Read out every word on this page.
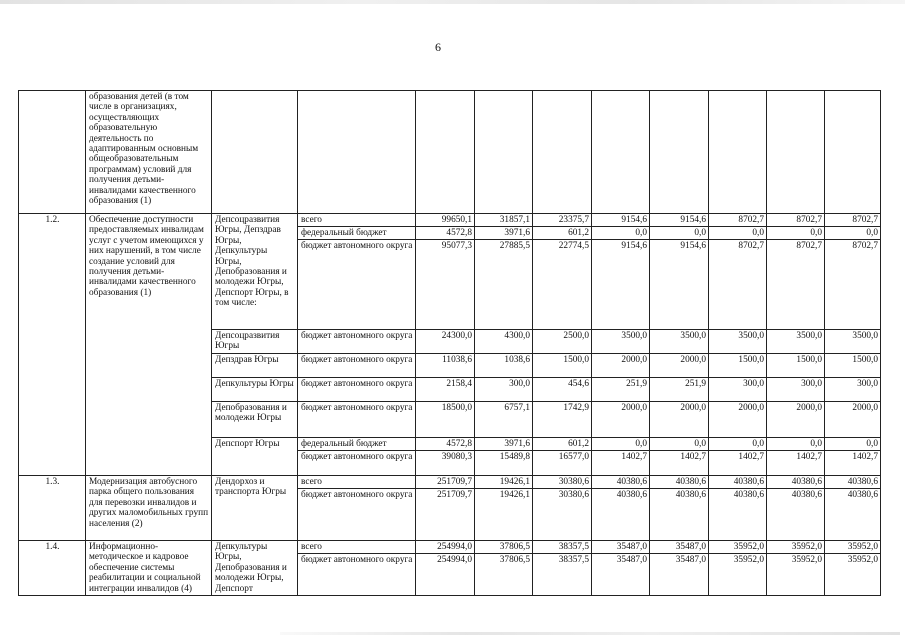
6
	образования детей (в том числе в организациях, осуществляющих образовательную деятельность по адаптированным основным общеобразовательным программам) условий для получения детьми-инвалидами качественного образования (1)										
1.2.	Обеспечение доступности предоставляемых инвалидам услуг с учетом имеющихся у них нарушений, в том числе создание условий для получения детьми-инвалидами качественного образования (1)	Депсоцразвития Югры, Депздрав Югры, Депкультуры Югры, Депобразования и молодежи Югры, Депспорт Югры, в том числе:	всего	99650,1	31857,1	23375,7	9154,6	9154,6	8702,7	8702,7	8702,7
			федеральный бюджет	4572,8	3971,6	601,2	0,0	0,0	0,0	0,0	0,0
			бюджет автономного округа	95077,3	27885,5	22774,5	9154,6	9154,6	8702,7	8702,7	8702,7
		Депсоцразвития Югры	бюджет автономного округа	24300,0	4300,0	2500,0	3500,0	3500,0	3500,0	3500,0	3500,0
		Депздрав Югры	бюджет автономного округа	11038,6	1038,6	1500,0	2000,0	2000,0	1500,0	1500,0	1500,0
		Депкультуры Югры	бюджет автономного округа	2158,4	300,0	454,6	251,9	251,9	300,0	300,0	300,0
		Депобразования и молодежи Югры	бюджет автономного округа	18500,0	6757,1	1742,9	2000,0	2000,0	2000,0	2000,0	2000,0
		Депспорт Югры	федеральный бюджет	4572,8	3971,6	601,2	0,0	0,0	0,0	0,0	0,0
			бюджет автономного округа	39080,3	15489,8	16577,0	1402,7	1402,7	1402,7	1402,7	1402,7
1.3.	Модернизация автобусного парка общего пользования для перевозки инвалидов и других маломобильных групп населения (2)	Дендорхоз и транспорта Югры	всего	251709,7	19426,1	30380,6	40380,6	40380,6	40380,6	40380,6	40380,6
			бюджет автономного округа	251709,7	19426,1	30380,6	40380,6	40380,6	40380,6	40380,6	40380,6
1.4.	Информационно-методическое и кадровое обеспечение системы реабилитации и социальной интеграции инвалидов (4)	Депкультуры Югры, Депобразования и молодежи Югры, Депспорт	всего	254994,0	37806,5	38357,5	35487,0	35487,0	35952,0	35952,0	35952,0
			бюджет автономного округа	254994,0	37806,5	38357,5	35487,0	35487,0	35952,0	35952,0	35952,0
